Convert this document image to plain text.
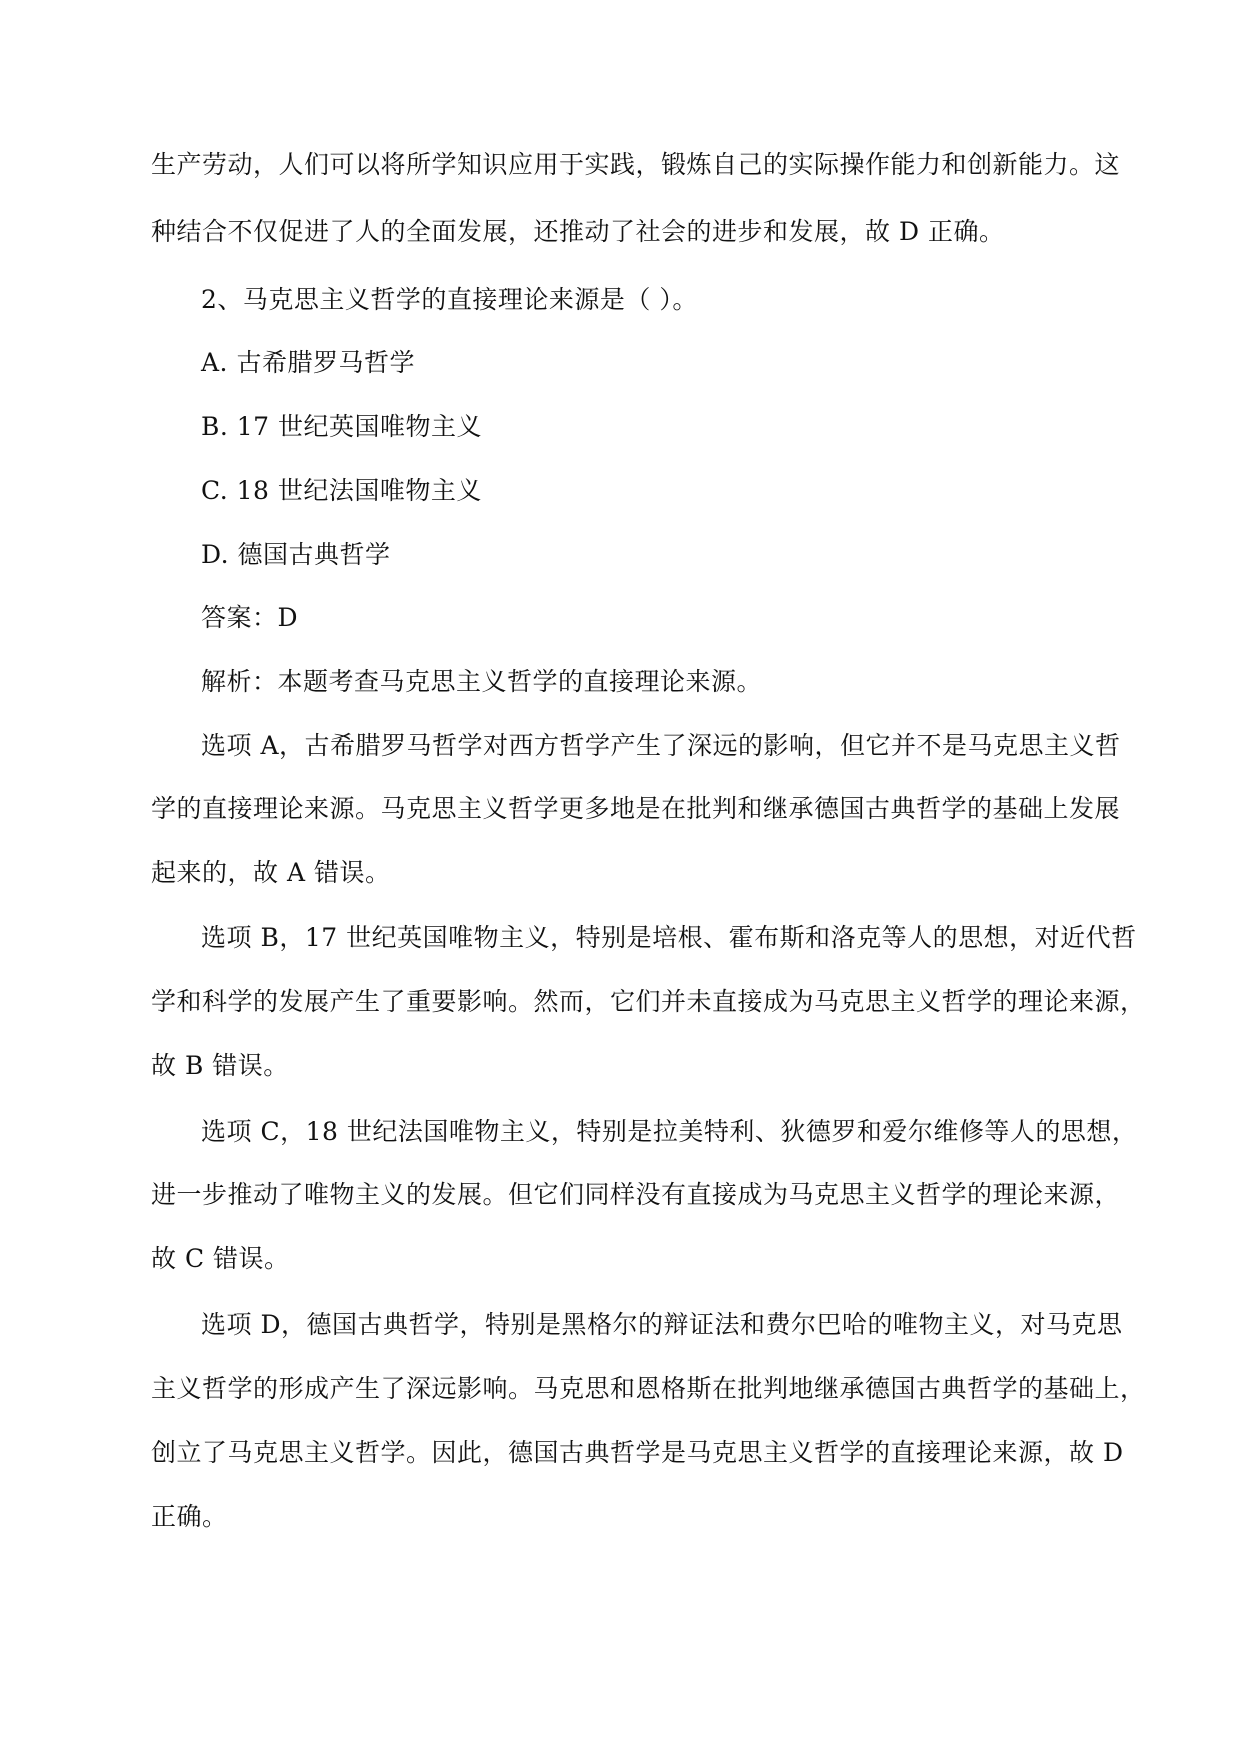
生产劳动，人们可以将所学知识应用于实践，锻炼自己的实际操作能力和创新能力。这
种结合不仅促进了人的全面发展，还推动了社会的进步和发展，故 D 正确。
2、马克思主义哲学的直接理论来源是（ ）。
A. 古希腊罗马哲学
B. 17 世纪英国唯物主义
C. 18 世纪法国唯物主义
D. 德国古典哲学
答案：D
解析：本题考查马克思主义哲学的直接理论来源。
选项 A，古希腊罗马哲学对西方哲学产生了深远的影响，但它并不是马克思主义哲
学的直接理论来源。马克思主义哲学更多地是在批判和继承德国古典哲学的基础上发展
起来的，故 A 错误。
选项 B，17 世纪英国唯物主义，特别是培根、霍布斯和洛克等人的思想，对近代哲
学和科学的发展产生了重要影响。然而，它们并未直接成为马克思主义哲学的理论来源，
故 B 错误。
选项 C，18 世纪法国唯物主义，特别是拉美特利、狄德罗和爱尔维修等人的思想，
进一步推动了唯物主义的发展。但它们同样没有直接成为马克思主义哲学的理论来源，
故 C 错误。
选项 D，德国古典哲学，特别是黑格尔的辩证法和费尔巴哈的唯物主义，对马克思
主义哲学的形成产生了深远影响。马克思和恩格斯在批判地继承德国古典哲学的基础上，
创立了马克思主义哲学。因此，德国古典哲学是马克思主义哲学的直接理论来源，故 D
正确。
